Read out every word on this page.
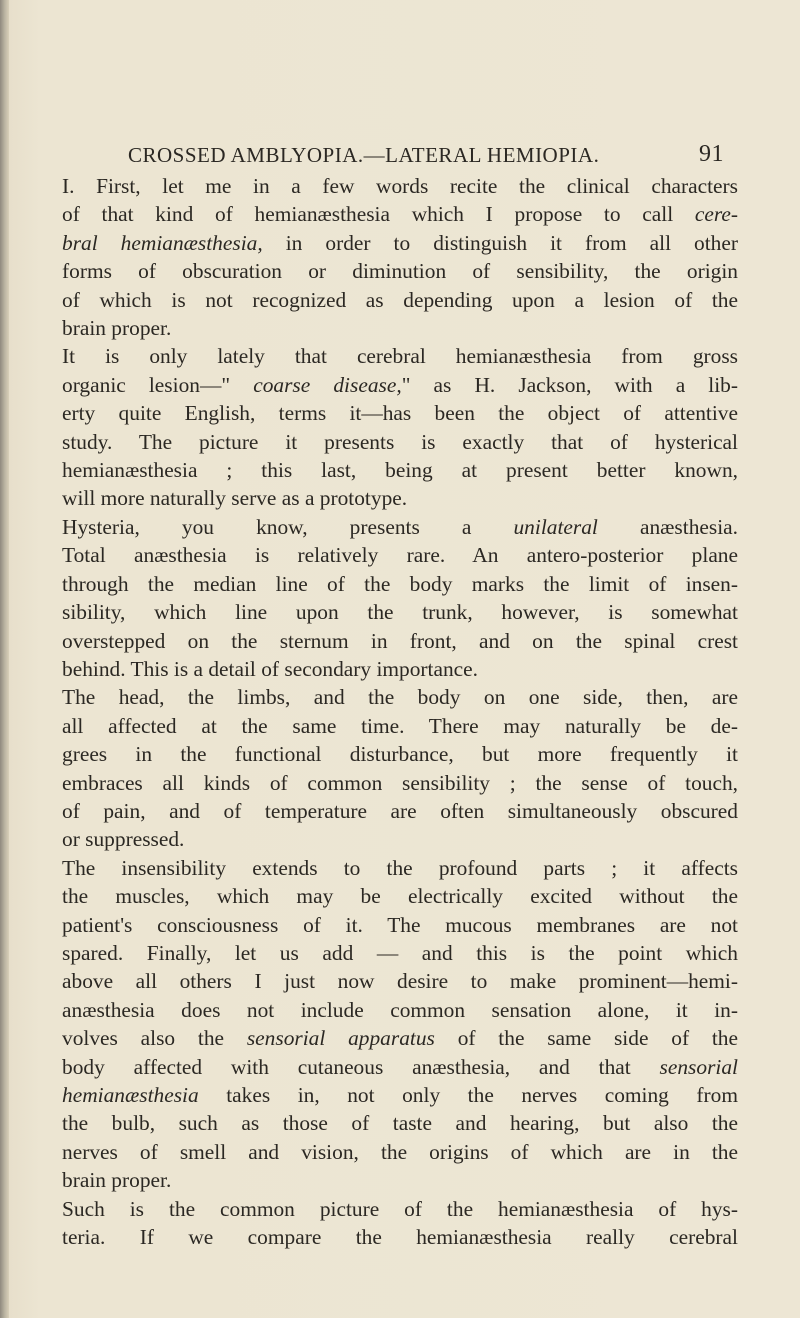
CROSSED AMBLYOPIA.—LATERAL HEMIOPIA.	91
I. First, let me in a few words recite the clinical characters
of that kind of hemianæsthesia which I propose to call cere-
bral hemianæsthesia, in order to distinguish it from all other
forms of obscuration or diminution of sensibility, the origin
of which is not recognized as depending upon a lesion of the
brain proper.
It is only lately that cerebral hemianæsthesia from gross
organic lesion—" coarse disease," as H. Jackson, with a lib-
erty quite English, terms it—has been the object of attentive
study. The picture it presents is exactly that of hysterical
hemianæsthesia ; this last, being at present better known,
will more naturally serve as a prototype.
Hysteria, you know, presents a unilateral anæsthesia.
Total anæsthesia is relatively rare. An antero-posterior plane
through the median line of the body marks the limit of insen-
sibility, which line upon the trunk, however, is somewhat
overstepped on the sternum in front, and on the spinal crest
behind. This is a detail of secondary importance.
The head, the limbs, and the body on one side, then, are
all affected at the same time. There may naturally be de-
grees in the functional disturbance, but more frequently it
embraces all kinds of common sensibility ; the sense of touch,
of pain, and of temperature are often simultaneously obscured
or suppressed.
The insensibility extends to the profound parts ; it affects
the muscles, which may be electrically excited without the
patient's consciousness of it. The mucous membranes are not
spared. Finally, let us add — and this is the point which
above all others I just now desire to make prominent—hemi-
anæsthesia does not include common sensation alone, it in-
volves also the sensorial apparatus of the same side of the
body affected with cutaneous anæsthesia, and that sensorial
hemianæsthesia takes in, not only the nerves coming from
the bulb, such as those of taste and hearing, but also the
nerves of smell and vision, the origins of which are in the
brain proper.
Such is the common picture of the hemianæsthesia of hys-
teria. If we compare the hemianæsthesia really cerebral
